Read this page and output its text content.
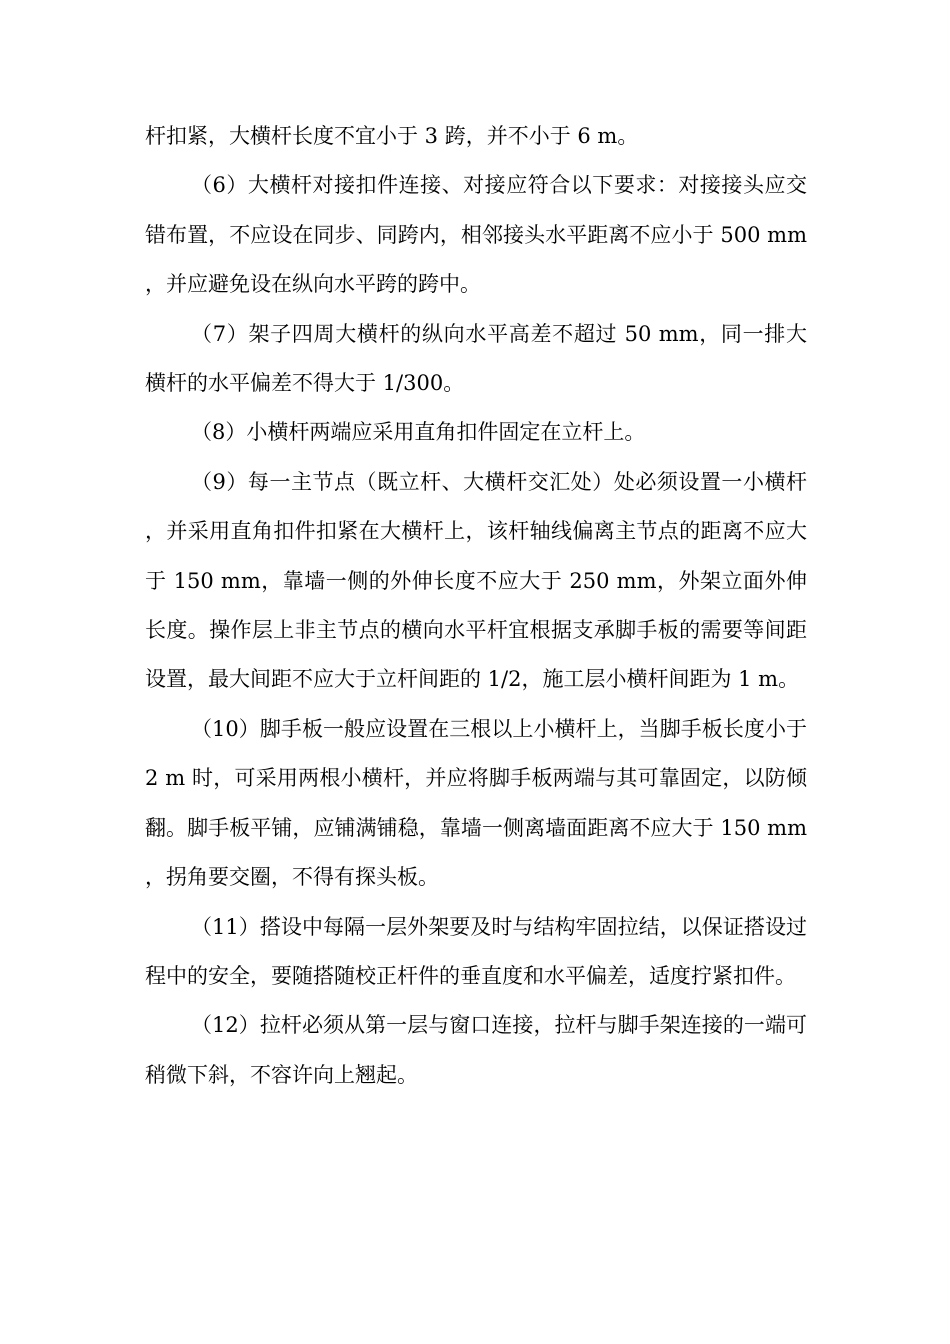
杆扣紧，大横杆长度不宜小于 3 跨，并不小于 6 m。

（6）大横杆对接扣件连接、对接应符合以下要求：对接接头应交错布置，不应设在同步、同跨内，相邻接头水平距离不应小于 500 mm，并应避免设在纵向水平跨的跨中。

（7）架子四周大横杆的纵向水平高差不超过 50 mm，同一排大横杆的水平偏差不得大于 1/300。

（8）小横杆两端应采用直角扣件固定在立杆上。

（9）每一主节点（既立杆、大横杆交汇处）处必须设置一小横杆，并采用直角扣件扣紧在大横杆上，该杆轴线偏离主节点的距离不应大于 150 mm，靠墙一侧的外伸长度不应大于 250 mm，外架立面外伸长度。操作层上非主节点的横向水平杆宜根据支承脚手板的需要等间距设置，最大间距不应大于立杆间距的 1/2，施工层小横杆间距为 1 m。

（10）脚手板一般应设置在三根以上小横杆上，当脚手板长度小于 2 m 时，可采用两根小横杆，并应将脚手板两端与其可靠固定，以防倾翻。脚手板平铺，应铺满铺稳，靠墙一侧离墙面距离不应大于 150 mm，拐角要交圈，不得有探头板。

（11）搭设中每隔一层外架要及时与结构牢固拉结，以保证搭设过程中的安全，要随搭随校正杆件的垂直度和水平偏差，适度拧紧扣件。

（12）拉杆必须从第一层与窗口连接，拉杆与脚手架连接的一端可稍微下斜，不容许向上翘起。
